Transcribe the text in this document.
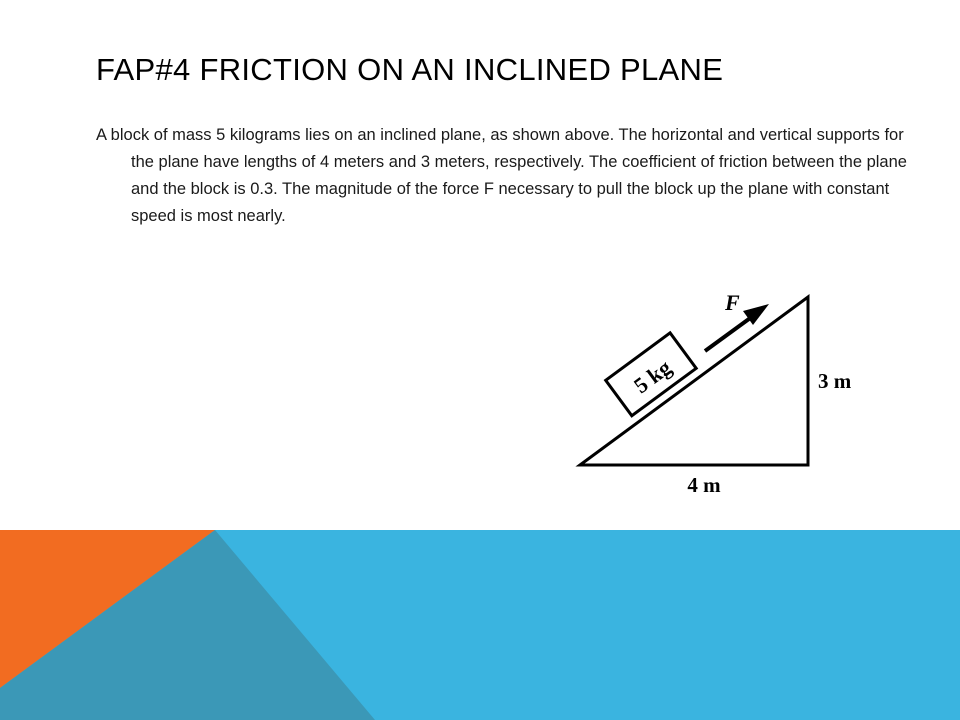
FAP#4 FRICTION ON AN INCLINED PLANE

A block of mass 5 kilograms lies on an inclined plane, as shown above. The horizontal and vertical supports for the plane have lengths of 4 meters and 3 meters, respectively. The coefficient of friction between the plane and the block is 0.3. The magnitude of the force F necessary to pull the block up the plane with constant speed is most nearly.

5 kg
F
3 m
4 m
